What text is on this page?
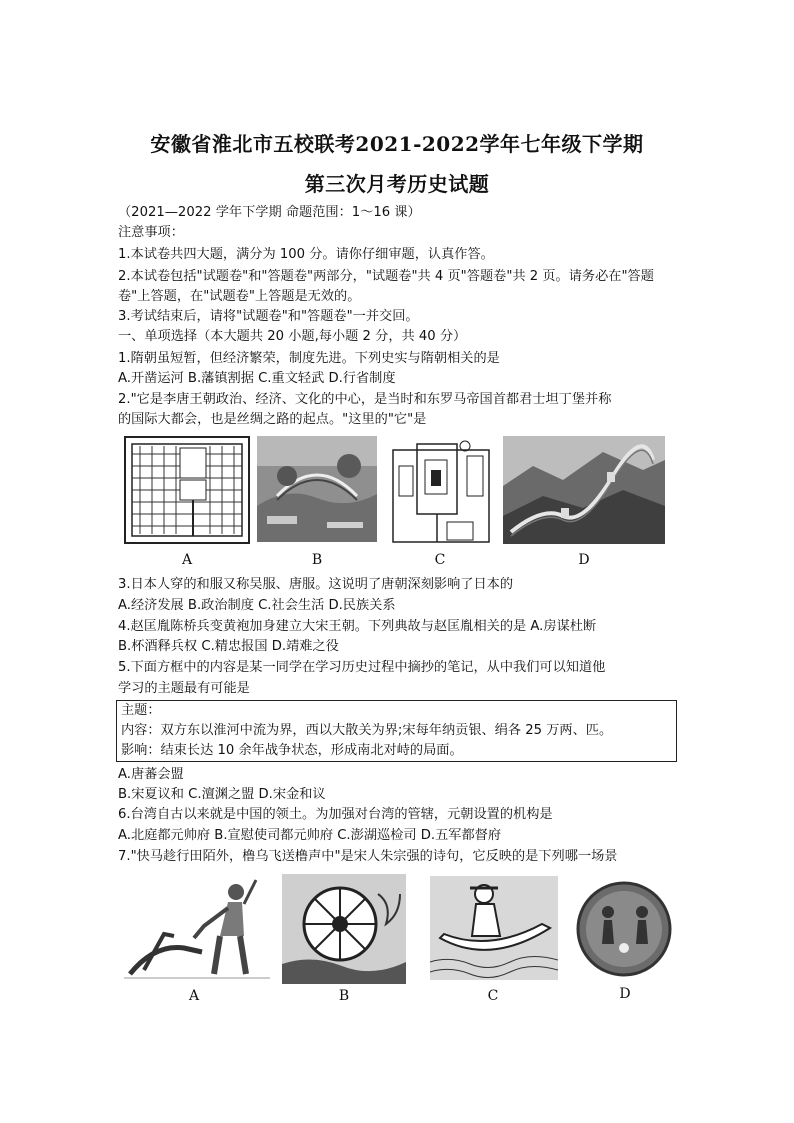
安徽省淮北市五校联考2021-2022学年七年级下学期
第三次月考历史试题
（2021—2022 学年下学期 命题范围：1～16 课）
注意事项：
1.本试卷共四大题，满分为 100 分。请你仔细审题，认真作答。
2.本试卷包括"试题卷"和"答题卷"两部分，"试题卷"共 4 页"答题卷"共 2 页。请务必在"答题
卷"上答题，在"试题卷"上答题是无效的。
3.考试结束后，请将"试题卷"和"答题卷"一并交回。
一、单项选择（本大题共 20 小题,每小题 2 分，共 40 分）
1.隋朝虽短暂，但经济繁荣，制度先进。下列史实与隋朝相关的是
A.开凿运河 B.藩镇割据 C.重文轻武 D.行省制度
2."它是李唐王朝政治、经济、文化的中心，是当时和东罗马帝国首都君士坦丁堡并称
的国际大都会，也是丝绸之路的起点。"这里的"它"是
A	B	C	D
3.日本人穿的和服又称吴服、唐服。这说明了唐朝深刻影响了日本的
A.经济发展 B.政治制度 C.社会生活 D.民族关系
4.赵匡胤陈桥兵变黄袍加身建立大宋王朝。下列典故与赵匡胤相关的是 A.房谋杜断
B.杯酒释兵权 C.精忠报国 D.靖难之役
5.下面方框中的内容是某一同学在学习历史过程中摘抄的笔记，从中我们可以知道他
学习的主题最有可能是
主题：
内容：双方东以淮河中流为界，西以大散关为界;宋每年纳贡银、绢各 25 万两、匹。
影响：结束长达 10 余年战争状态，形成南北对峙的局面。
A.唐蕃会盟
B.宋夏议和 C.澶渊之盟 D.宋金和议
6.台湾自古以来就是中国的领土。为加强对台湾的管辖，元朝设置的机构是
A.北庭都元帅府 B.宣慰使司都元帅府 C.澎湖巡检司 D.五军都督府
7."快马趁行田陌外，橹乌飞送橹声中"是宋人朱宗强的诗句，它反映的是下列哪一场景
A	B	C	D
